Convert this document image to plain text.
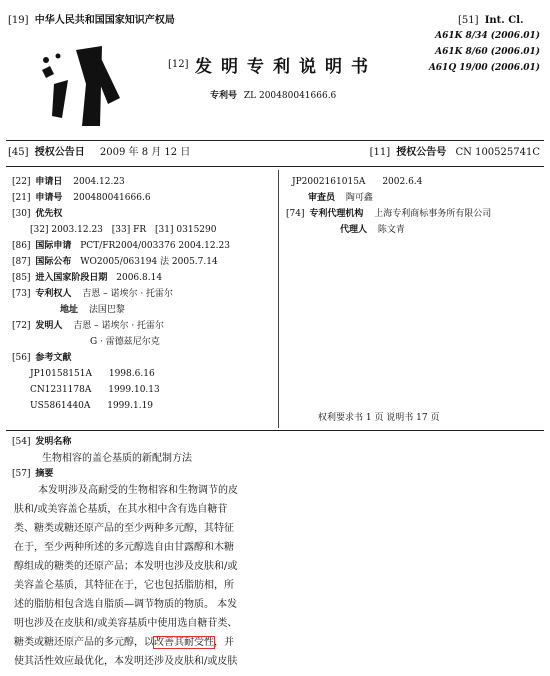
[19] 中华人民共和国国家知识产权局
[12] 发明专利说明书
专利号 ZL 200480041666.6
[51] Int. Cl.
A61K 8/34 (2006.01)
A61K 8/60 (2006.01)
A61Q 19/00 (2006.01)
[45] 授权公告日 2009 年 8 月 12 日	[11] 授权公告号 CN 100525741C
[22] 申请日 2004.12.23
[21] 申请号 200480041666.6
[30] 优先权
[32] 2003.12.23 [33] FR [31] 0315290
[86] 国际申请 PCT/FR2004/003376 2004.12.23
[87] 国际公布 WO2005/063194 法 2005.7.14
[85] 进入国家阶段日期 2006.8.14
[73] 专利权人 吉恩 – 诺埃尔 · 托雷尔
地址 法国巴黎
[72] 发明人 吉恩 – 诺埃尔 · 托雷尔
G · 雷德兹尼尔克
[56] 参考文献
JP10158151A 1998.6.16
CN1231178A 1999.10.13
US5861440A 1999.1.19
JP2002161015A 2002.6.4
审查员 陶可鑫
[74] 专利代理机构 上海专利商标事务所有限公司
代理人 陈文青
权利要求书 1 页 说明书 17 页
[54] 发明名称
生物相容的盖仑基质的新配制方法
[57] 摘要
本发明涉及高耐受的生物相容和生物调节的皮
肤和/或美容盖仑基质，在其水相中含有选自糖苷
类、糖类或糖还原产品的至少两种多元醇，其特征
在于，至少两种所述的多元醇选自由甘露醇和木糖
醇组成的糖类的还原产品；本发明也涉及皮肤和/或
美容盖仑基质，其特征在于，它也包括脂肪相，所
述的脂肪相包含选自脂质—调节物质的物质。 本发
明也涉及在皮肤和/或美容基质中使用选自糖苷类、
糖类或糖还原产品的多元醇，以改善其耐受性，并
使其活性效应最优化，本发明还涉及皮肤和/或皮肤
